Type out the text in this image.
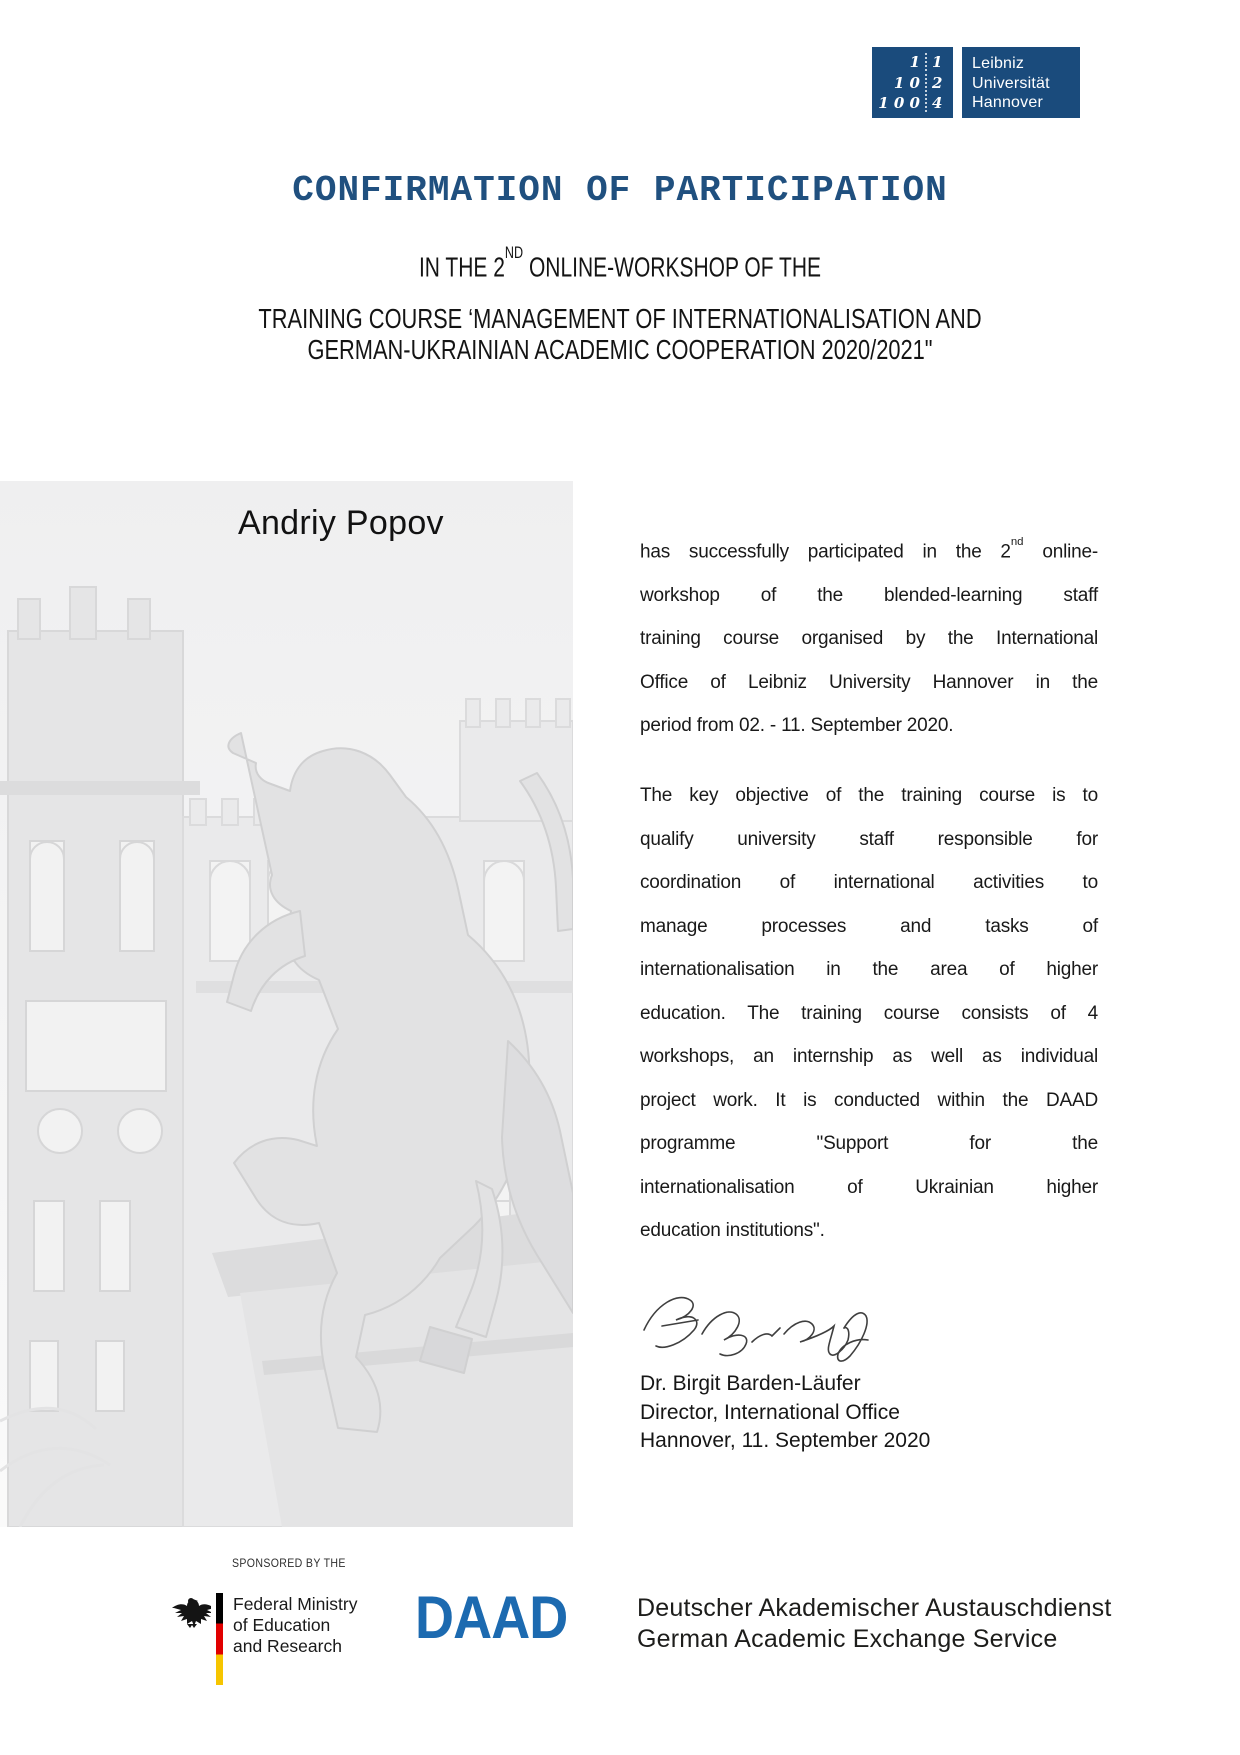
1 1
1 0 2
1 0 0 4
Leibniz
Universität
Hannover
CONFIRMATION OF PARTICIPATION
IN THE 2ND ONLINE-WORKSHOP OF THE
TRAINING COURSE ‘MANAGEMENT OF INTERNATIONALISATION AND
GERMAN-UKRAINIAN ACADEMIC COOPERATION 2020/2021"
Andriy Popov
has successfully participated in the 2nd online-
workshop of the blended-learning staff
training course organised by the International
Office of Leibniz University Hannover in the
period from 02. - 11. September 2020.
The key objective of the training course is to
qualify university staff responsible for
coordination of international activities to
manage processes and tasks of
internationalisation in the area of higher
education. The training course consists of 4
workshops, an internship as well as individual
project work. It is conducted within the DAAD
programme "Support for the
internationalisation of Ukrainian higher
education institutions".
Dr. Birgit Barden-Läufer
Director, International Office
Hannover, 11. September 2020
SPONSORED BY THE
Federal Ministry
of Education
and Research DAAD	Deutscher Akademischer Austauschdienst
German Academic Exchange Service
